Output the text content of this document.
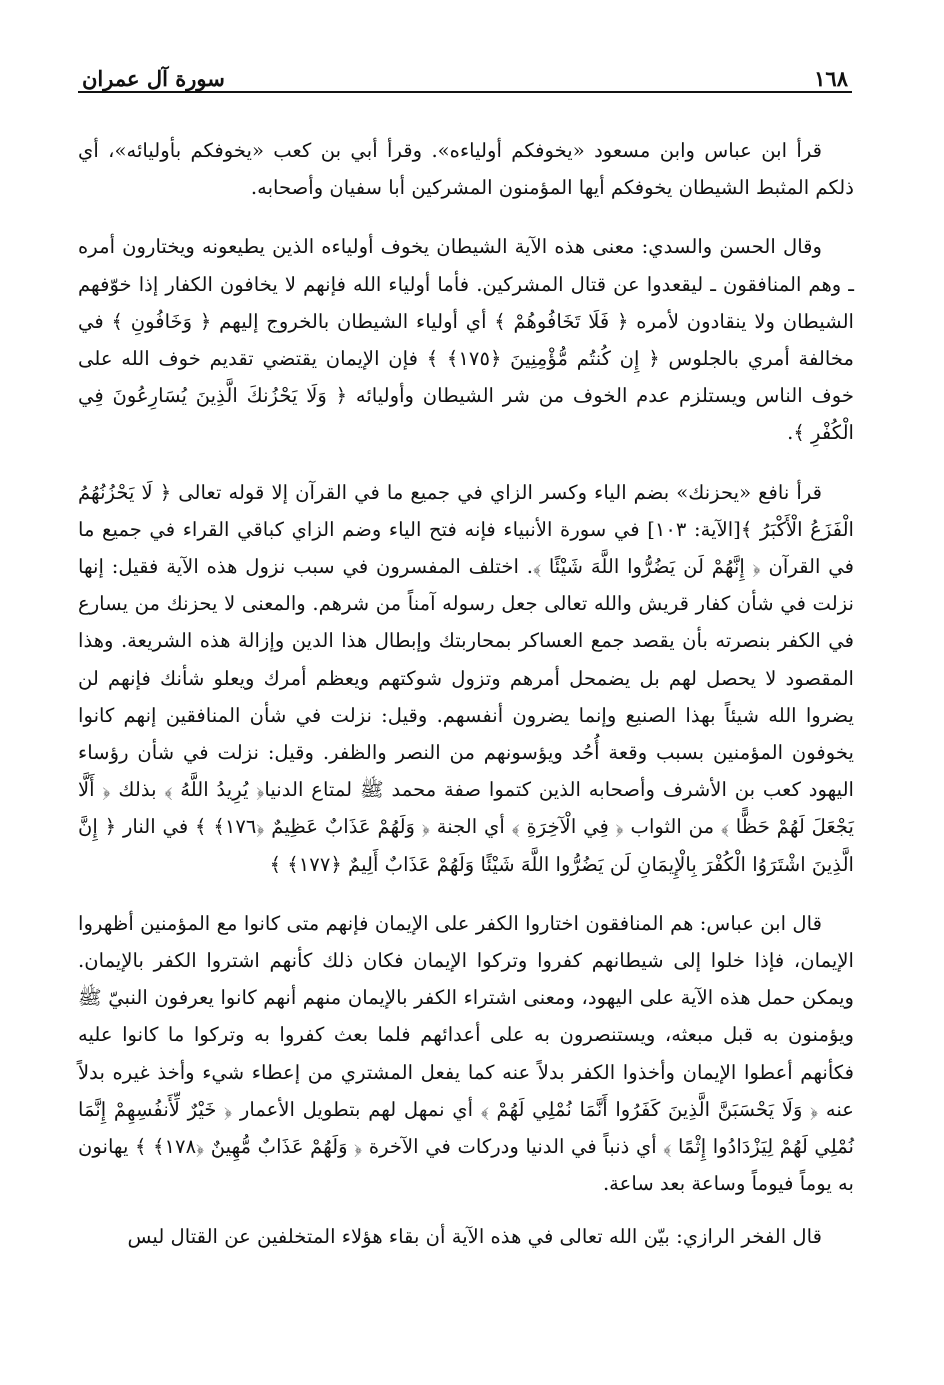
١٦٨
سورة آل عمران

قرأ ابن عباس وابن مسعود «يخوفكم أولياءه». وقرأ أبي بن كعب «يخوفكم بأوليائه»، أي ذلكم المثبط الشيطان يخوفكم أيها المؤمنون المشركين أبا سفيان وأصحابه.

وقال الحسن والسدي: معنى هذه الآية الشيطان يخوف أولياءه الذين يطيعونه ويختارون أمره ـ وهم المنافقون ـ ليقعدوا عن قتال المشركين. فأما أولياء الله فإنهم لا يخافون الكفار إذا خوّفهم الشيطان ولا ينقادون لأمره ﴿ فَلَا تَخَافُوهُمْ ﴾ أي أولياء الشيطان بالخروج إليهم ﴿ وَخَافُونِ ﴾ في مخالفة أمري بالجلوس ﴿ إِن كُنتُم مُّؤْمِنِينَ ﴿١٧٥﴾ ﴾ فإن الإيمان يقتضي تقديم خوف الله على خوف الناس ويستلزم عدم الخوف من شر الشيطان وأوليائه ﴿ وَلَا يَحْزُنكَ الَّذِينَ يُسَارِعُونَ فِي الْكُفْرِ ﴾.

قرأ نافع «يحزنك» بضم الياء وكسر الزاي في جميع ما في القرآن إلا قوله تعالى ﴿ لَا يَحْزُنُهُمُ الْفَزَعُ الْأَكْبَرُ ﴾[الآية: ١٠٣] في سورة الأنبياء فإنه فتح الياء وضم الزاي كباقي القراء في جميع ما في القرآن ﴿ إِنَّهُمْ لَن يَضُرُّوا اللَّهَ شَيْئًا ﴾. اختلف المفسرون في سبب نزول هذه الآية فقيل: إنها نزلت في شأن كفار قريش والله تعالى جعل رسوله آمناً من شرهم. والمعنى لا يحزنك من يسارع في الكفر بنصرته بأن يقصد جمع العساكر بمحاربتك وإبطال هذا الدين وإزالة هذه الشريعة. وهذا المقصود لا يحصل لهم بل يضمحل أمرهم وتزول شوكتهم ويعظم أمرك ويعلو شأنك فإنهم لن يضروا الله شيئاً بهذا الصنيع وإنما يضرون أنفسهم. وقيل: نزلت في شأن المنافقين إنهم كانوا يخوفون المؤمنين بسبب وقعة أُحُد ويؤسونهم من النصر والظفر. وقيل: نزلت في شأن رؤساء اليهود كعب بن الأشرف وأصحابه الذين كتموا صفة محمد ﷺ لمتاع الدنيا﴿ يُرِيدُ اللَّهُ ﴾ بذلك ﴿ أَلَّا يَجْعَلَ لَهُمْ حَظًّا ﴾ من الثواب ﴿ فِي الْآخِرَةِ ﴾ أي الجنة ﴿ وَلَهُمْ عَذَابٌ عَظِيمٌ ﴿١٧٦﴾ ﴾ في النار ﴿ إِنَّ الَّذِينَ اشْتَرَوُا الْكُفْرَ بِالْإِيمَانِ لَن يَضُرُّوا اللَّهَ شَيْئًا وَلَهُمْ عَذَابٌ أَلِيمٌ ﴿١٧٧﴾ ﴾

قال ابن عباس: هم المنافقون اختاروا الكفر على الإيمان فإنهم متى كانوا مع المؤمنين أظهروا الإيمان، فإذا خلوا إلى شيطانهم كفروا وتركوا الإيمان فكان ذلك كأنهم اشتروا الكفر بالإيمان. ويمكن حمل هذه الآية على اليهود، ومعنى اشتراء الكفر بالإيمان منهم أنهم كانوا يعرفون النبيّ ﷺ ويؤمنون به قبل مبعثه، ويستنصرون به على أعدائهم فلما بعث كفروا به وتركوا ما كانوا عليه فكأنهم أعطوا الإيمان وأخذوا الكفر بدلاً عنه كما يفعل المشتري من إعطاء شيء وأخذ غيره بدلاً عنه ﴿ وَلَا يَحْسَبَنَّ الَّذِينَ كَفَرُوا أَنَّمَا نُمْلِي لَهُمْ ﴾ أي نمهل لهم بتطويل الأعمار ﴿ خَيْرٌ لِّأَنفُسِهِمْ إِنَّمَا نُمْلِي لَهُمْ لِيَزْدَادُوا إِثْمًا ﴾ أي ذنباً في الدنيا ودركات في الآخرة ﴿ وَلَهُمْ عَذَابٌ مُّهِينٌ ﴿١٧٨﴾ ﴾ يهانون به يوماً فيوماً وساعة بعد ساعة.

قال الفخر الرازي: بيّن الله تعالى في هذه الآية أن بقاء هؤلاء المتخلفين عن القتال ليس
